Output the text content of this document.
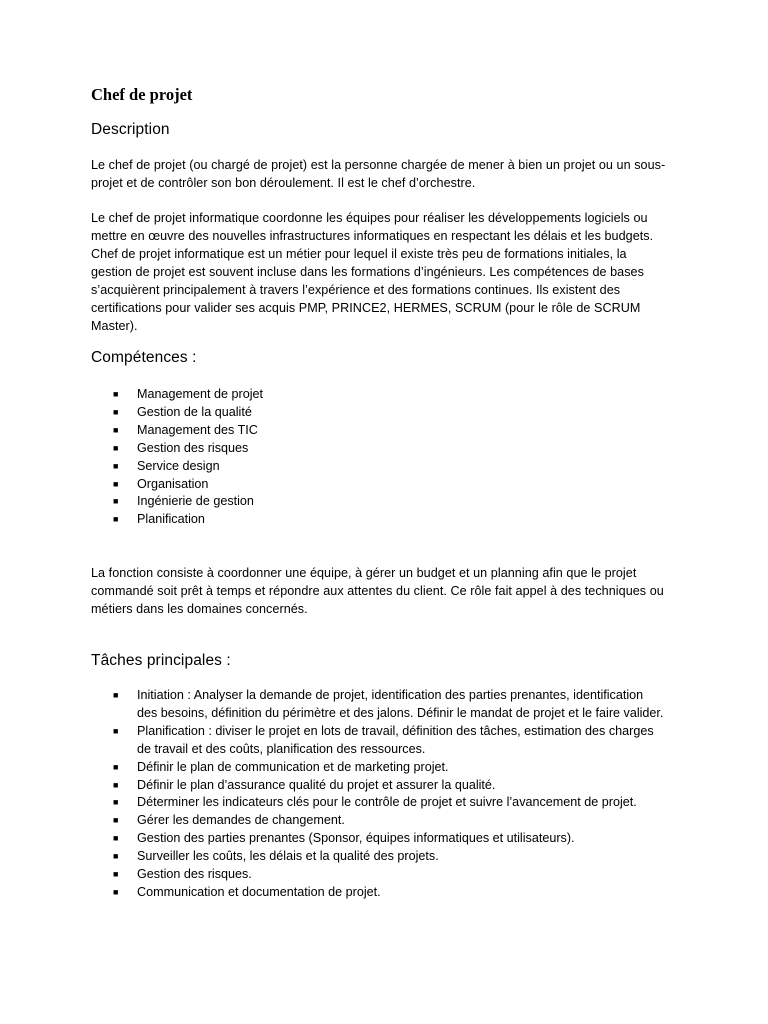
Chef de projet
Description

Le chef de projet (ou chargé de projet) est la personne chargée de mener à bien un projet ou un sous-projet et de contrôler son bon déroulement. Il est le chef d’orchestre.

Le chef de projet informatique coordonne les équipes pour réaliser les développements logiciels ou mettre en œuvre des nouvelles infrastructures informatiques en respectant les délais et les budgets. Chef de projet informatique est un métier pour lequel il existe très peu de formations initiales, la gestion de projet est souvent incluse dans les formations d’ingénieurs. Les compétences de bases s’acquièrent principalement à travers l’expérience et des formations continues. Ils existent des certifications pour valider ses acquis PMP, PRINCE2, HERMES, SCRUM (pour le rôle de SCRUM Master).

Compétences :
■ Management de projet
■ Gestion de la qualité
■ Management des TIC
■ Gestion des risques
■ Service design
■ Organisation
■ Ingénierie de gestion
■ Planification

La fonction consiste à coordonner une équipe, à gérer un budget et un planning afin que le projet commandé soit prêt à temps et répondre aux attentes du client. Ce rôle fait appel à des techniques ou métiers dans les domaines concernés.

Tâches principales :
■ Initiation : Analyser la demande de projet, identification des parties prenantes, identification des besoins, définition du périmètre et des jalons. Définir le mandat de projet et le faire valider.
■ Planification : diviser le projet en lots de travail, définition des tâches, estimation des charges de travail et des coûts, planification des ressources.
■ Définir le plan de communication et de marketing projet.
■ Définir le plan d’assurance qualité du projet et assurer la qualité.
■ Déterminer les indicateurs clés pour le contrôle de projet et suivre l’avancement de projet.
■ Gérer les demandes de changement.
■ Gestion des parties prenantes (Sponsor, équipes informatiques et utilisateurs).
■ Surveiller les coûts, les délais et la qualité des projets.
■ Gestion des risques.
■ Communication et documentation de projet.
